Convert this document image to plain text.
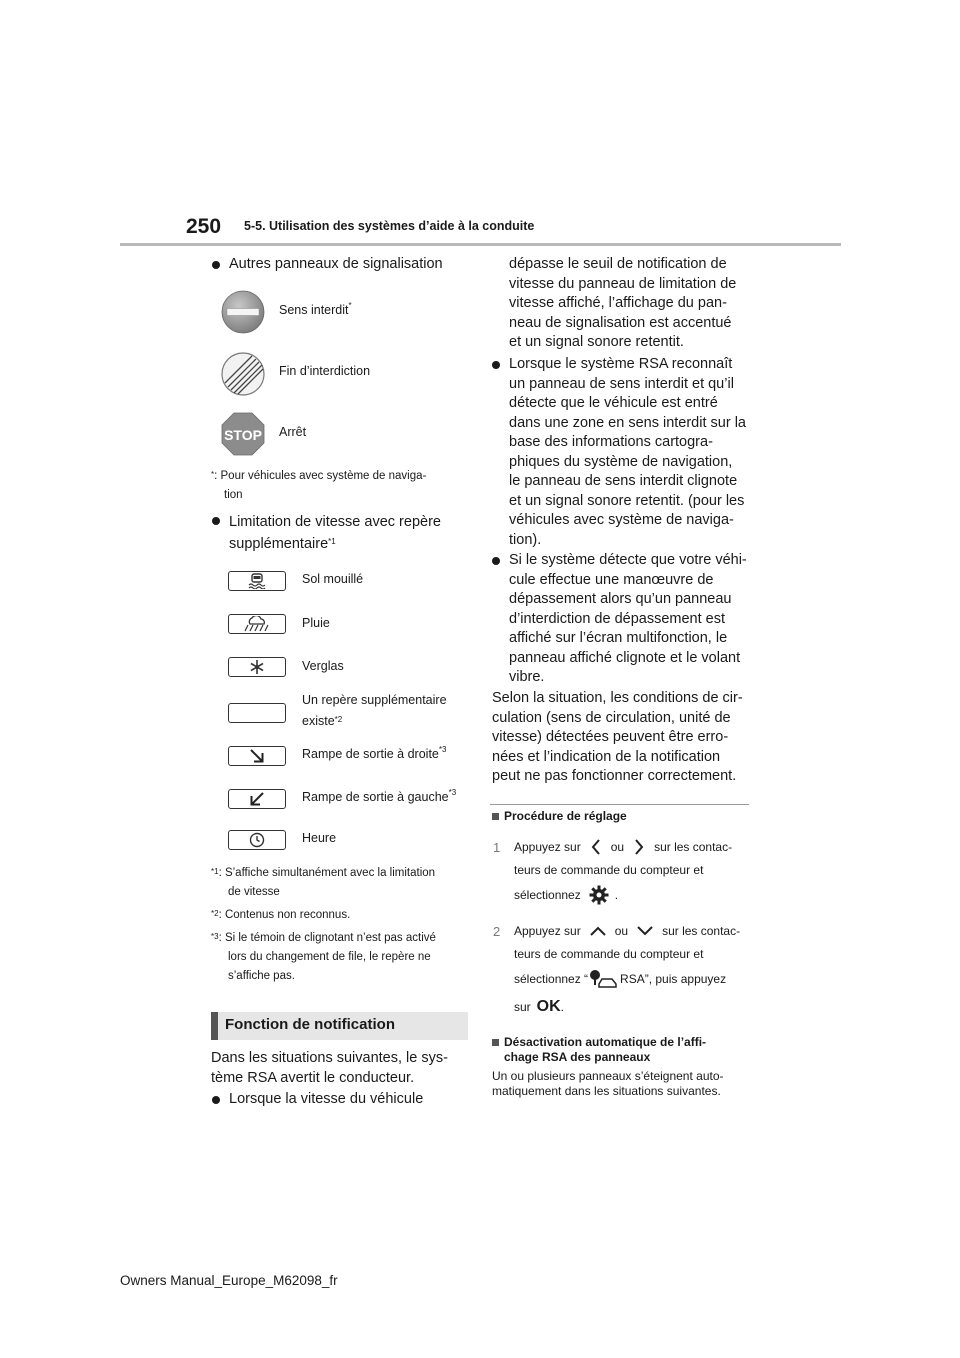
250 5-5. Utilisation des systèmes d’aide à la conduite
Autres panneaux de signalisation
Sens interdit*
Fin d’interdiction
STOP Arrêt
*: Pour véhicules avec système de naviga-
tion
Limitation de vitesse avec repère
supplémentaire$^{*1}$
Sol mouillé
Pluie
Verglas
Un repère supplémentaire
existe$^{*2}$
Rampe de sortie à droite$^{*3}$
Rampe de sortie à gauche$^{*3}$
Heure
$^{*1}$: S’affiche simultanément avec la limitation
de vitesse
$^{*2}$: Contenus non reconnus.
$^{*3}$: Si le témoin de clignotant n’est pas activé
lors du changement de file, le repère ne
s’affiche pas.
Fonction de notification
Dans les situations suivantes, le sys-
tème RSA avertit le conducteur.
Lorsque la vitesse du véhicule
dépasse le seuil de notification de
vitesse du panneau de limitation de
vitesse affiché, l’affichage du pan-
neau de signalisation est accentué
et un signal sonore retentit.
Lorsque le système RSA reconnaît
un panneau de sens interdit et qu’il
détecte que le véhicule est entré
dans une zone en sens interdit sur la
base des informations cartogra-
phiques du système de navigation,
le panneau de sens interdit clignote
et un signal sonore retentit. (pour les
véhicules avec système de naviga-
tion).
Si le système détecte que votre véhi-
cule effectue une manœuvre de
dépassement alors qu’un panneau
d’interdiction de dépassement est
affiché sur l’écran multifonction, le
panneau affiché clignote et le volant
vibre.
Selon la situation, les conditions de cir-
culation (sens de circulation, unité de
vitesse) détectées peuvent être erro-
nées et l’indication de la notification
peut ne pas fonctionner correctement.
Procédure de réglage
1 Appuyez sur	ou	sur les contac-
teurs de commande du compteur et
sélectionnez	.
2 Appuyez sur	ou	sur les contac-
teurs de commande du compteur et
sélectionnez “	RSA”, puis appuyez
sur OK .
Désactivation automatique de l’affi-
chage RSA des panneaux
Un ou plusieurs panneaux s’éteignent auto-
matiquement dans les situations suivantes.
Owners Manual_Europe_M62098_fr
